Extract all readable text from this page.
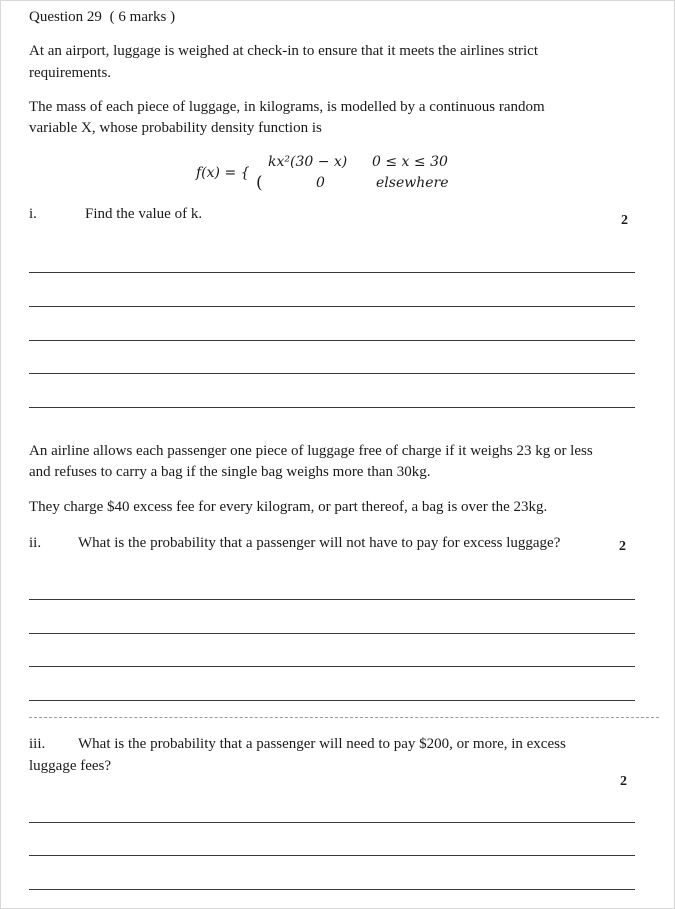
Question 29 ( 6 marks )
At an airport, luggage is weighed at check-in to ensure that it meets the airlines strict
requirements.
The mass of each piece of luggage, in kilograms, is modelled by a continuous random
variable X, whose probability density function is
f(x) = { (
kx²(30 − x) 0 ≤ x ≤ 30
0	elsewhere
i.	Find the value of k.	2
An airline allows each passenger one piece of luggage free of charge if it weighs 23 kg or less
and refuses to carry a bag if the single bag weighs more than 30kg.
They charge $40 excess fee for every kilogram, or part thereof, a bag is over the 23kg.
ii. What is the probability that a passenger will not have to pay for excess luggage?	2
iii. What is the probability that a passenger will need to pay $200, or more, in excess
luggage fees?
2
